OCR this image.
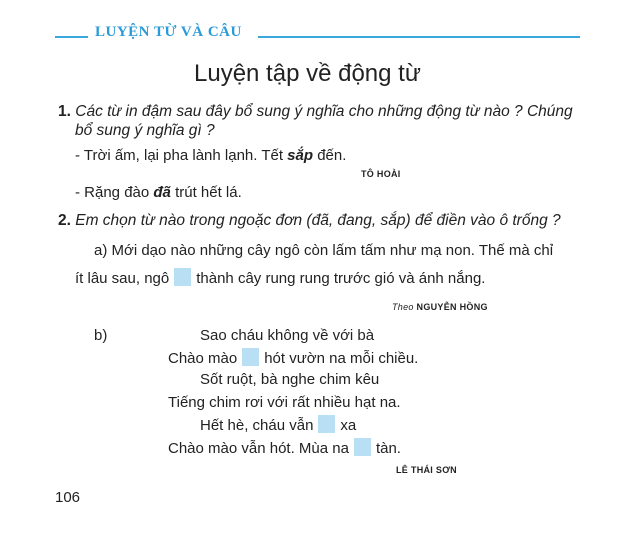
LUYỆN TỪ VÀ CÂU
Luyện tập về động từ
1. Các từ in đậm sau đây bổ sung ý nghĩa cho những động từ nào ? Chúng
bổ sung ý nghĩa gì ?
- Trời ấm, lại pha lành lạnh. Tết sắp đến.
TÔ HOÀI
- Rặng đào đã trút hết lá.
2. Em chọn từ nào trong ngoặc đơn (đã, đang, sắp) để điền vào ô trống ?
a) Mới dạo nào những cây ngô còn lấm tấm như mạ non. Thế mà chỉ
ít lâu sau, ngô thành cây rung rung trước gió và ánh nắng.
Theo NGUYỄN HỒNG
b)	Sao cháu không về với bà
Chào mào hót vườn na mỗi chiều.
Sốt ruột, bà nghe chim kêu
Tiếng chim rơi với rất nhiều hạt na.
Hết hè, cháu vẫn xa
Chào mào vẫn hót. Mùa na tàn.
LÊ THÁI SƠN
106
